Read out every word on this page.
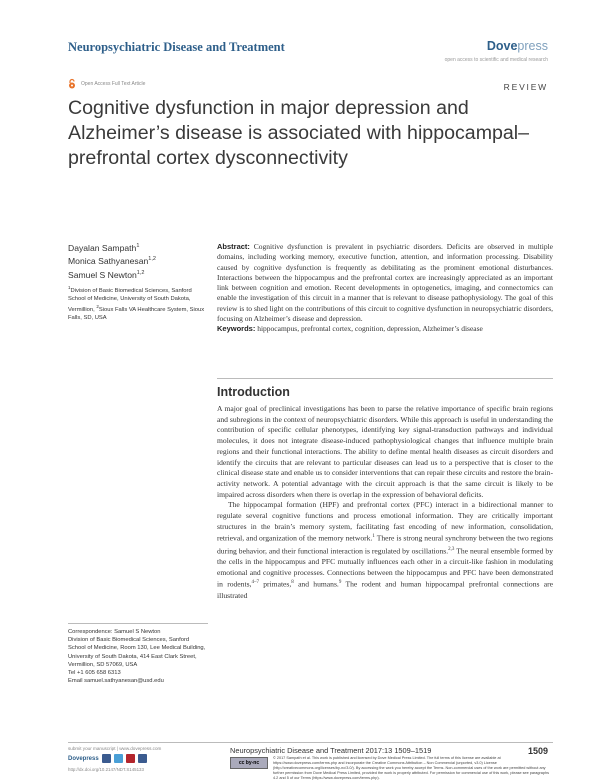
Neuropsychiatric Disease and Treatment	Dovepress
open access to scientific and medical research
Open Access Full Text Article	REVIEW
Cognitive dysfunction in major depression and Alzheimer’s disease is associated with hippocampal–prefrontal cortex dysconnectivity
Dayalan Sampath$^1$
Monica Sathyanesan$^{1,2}$
Samuel S Newton$^{1,2}$
$^1$Division of Basic Biomedical Sciences, Sanford School of Medicine, University of South Dakota, Vermillion, $^2$Sioux Falls VA Healthcare System, Sioux Falls, SD, USA
Abstract: Cognitive dysfunction is prevalent in psychiatric disorders. Deficits are observed in multiple domains, including working memory, executive function, attention, and information processing. Disability caused by cognitive dysfunction is frequently as debilitating as the prominent emotional disturbances. Interactions between the hippocampus and the prefrontal cortex are increasingly appreciated as an important link between cognition and emotion. Recent developments in optogenetics, imaging, and connectomics can enable the investigation of this circuit in a manner that is relevant to disease pathophysiology. The goal of this review is to shed light on the contributions of this circuit to cognitive dysfunction in neuropsychiatric disorders, focusing on Alzheimer’s disease and depression.
Keywords: hippocampus, prefrontal cortex, cognition, depression, Alzheimer’s disease
Introduction

A major goal of preclinical investigations has been to parse the relative importance of specific brain regions and subregions in the context of neuropsychiatric disorders. While this approach is useful in understanding the contribution of specific cellular phenotypes, identifying key signal-transduction pathways and individual molecules, it does not integrate disease-induced pathophysiological changes that influence multiple brain regions and their functional interactions. The ability to define mental health diseases as circuit disorders and identify the circuits that are relevant to particular diseases can lead us to a perspective that is closer to the clinical disease state and enable us to consider interventions that can repair these circuits and restore the brain-activity network. A potential advantage with the circuit approach is that the same circuit is likely to be impaired across disorders when there is overlap in the expression of behavioral deficits.

The hippocampal formation (HPF) and prefrontal cortex (PFC) interact in a bidirectional manner to regulate several cognitive functions and process emotional information. They are critically important structures in the brain’s memory system, facilitating fast encoding of new information, consolidation, retrieval, and organization of the memory network.$^1$ There is strong neural synchrony between the two regions during behavior, and their functional interaction is regulated by oscillations.$^{2,3}$ The neural ensemble formed by the cells in the hippocampus and PFC mutually influences each other in a circuit-like fashion in modulating emotional and cognitive processes. Connections between the hippocampus and PFC have been demonstrated in rodents,$^{4-7}$ primates,$^8$ and humans.$^9$ The rodent and human hippocampal prefrontal connections are illustrated

Correspondence: Samuel S Newton
Division of Basic Biomedical Sciences, Sanford School of Medicine, Room 130, Lee Medical Building, University of South Dakota, 414 East Clark Street, Vermillion, SD 57069, USA
Tel +1 605 658 6313
Email samuel.sathyanesan@usd.edu
submit your manuscript | www.dovepress.com
Dovepress
http://dx.doi.org/10.2147/NDT.S145133
Neuropsychiatric Disease and Treatment 2017:13 1509–1519	1509
cc by-nc
© 2017 Sampath et al. This work is published and licensed by Dove Medical Press Limited. The full terms of this license are available at https://www.dovepress.com/terms.php and incorporate the Creative Commons Attribution – Non Commercial (unported, v3.0) License (http://creativecommons.org/licenses/by-nc/3.0/). By accessing the work you hereby accept the Terms. Non-commercial uses of the work are permitted without any further permission from Dove Medical Press Limited, provided the work is properly attributed. For permission for commercial use of this work, please see paragraphs 4.2 and 5 of our Terms (https://www.dovepress.com/terms.php).
